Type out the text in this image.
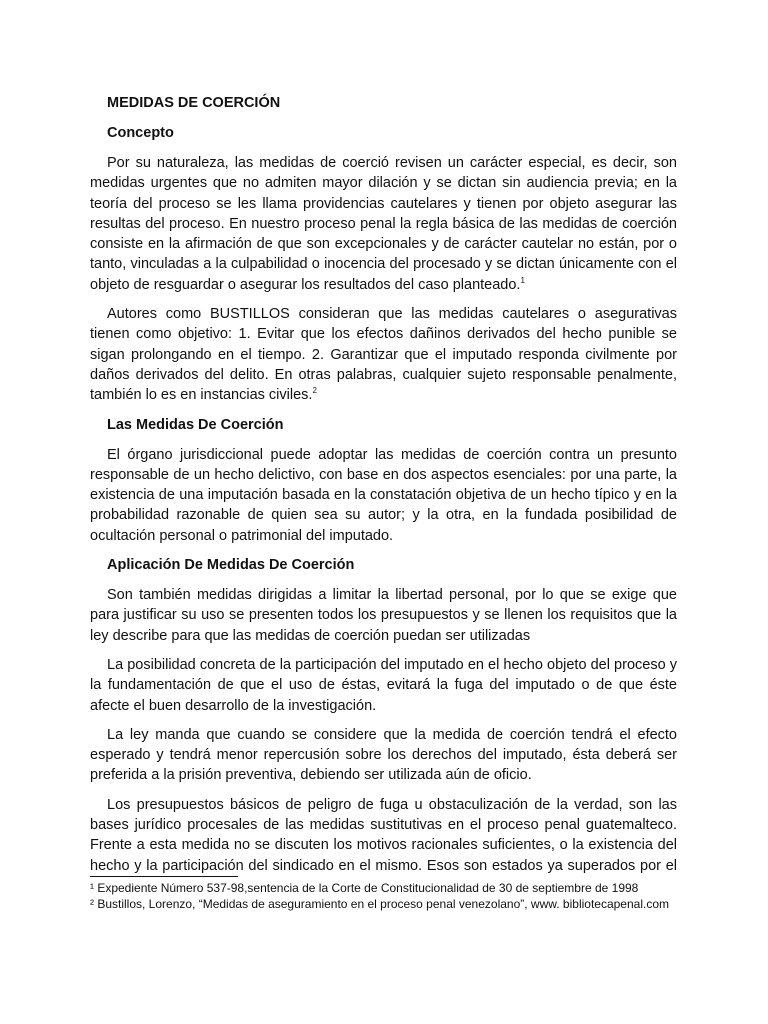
MEDIDAS DE COERCIÓN
Concepto

Por su naturaleza, las medidas de coerció revisen un carácter especial, es decir, son medidas urgentes que no admiten mayor dilación y se dictan sin audiencia previa; en la teoría del proceso se les llama providencias cautelares y tienen por objeto asegurar las resultas del proceso. En nuestro proceso penal la regla básica de las medidas de coerción consiste en la afirmación de que son excepcionales y de carácter cautelar no están, por o tanto, vinculadas a la culpabilidad o inocencia del procesado y se dictan únicamente con el objeto de resguardar o asegurar los resultados del caso planteado.$^1$

Autores como BUSTILLOS consideran que las medidas cautelares o asegurativas tienen como objetivo: 1. Evitar que los efectos dañinos derivados del hecho punible se sigan prolongando en el tiempo. 2. Garantizar que el imputado responda civilmente por daños derivados del delito. En otras palabras, cualquier sujeto responsable penalmente, también lo es en instancias civiles.$^2$

Las Medidas De Coerción

El órgano jurisdiccional puede adoptar las medidas de coerción contra un presunto responsable de un hecho delictivo, con base en dos aspectos esenciales: por una parte, la existencia de una imputación basada en la constatación objetiva de un hecho típico y en la probabilidad razonable de quien sea su autor; y la otra, en la fundada posibilidad de ocultación personal o patrimonial del imputado.

Aplicación De Medidas De Coerción

Son también medidas dirigidas a limitar la libertad personal, por lo que se exige que para justificar su uso se presenten todos los presupuestos y se llenen los requisitos que la ley describe para que las medidas de coerción puedan ser utilizadas

La posibilidad concreta de la participación del imputado en el hecho objeto del proceso y la fundamentación de que el uso de éstas, evitará la fuga del imputado o de que éste afecte el buen desarrollo de la investigación.

La ley manda que cuando se considere que la medida de coerción tendrá el efecto esperado y tendrá menor repercusión sobre los derechos del imputado, ésta deberá ser preferida a la prisión preventiva, debiendo ser utilizada aún de oficio.

Los presupuestos básicos de peligro de fuga u obstaculización de la verdad, son las bases jurídico procesales de las medidas sustitutivas en el proceso penal guatemalteco. Frente a esta medida no se discuten los motivos racionales suficientes, o la existencia del hecho y la participación del sindicado en el mismo. Esos son estados ya superados por el

¹ Expediente Número 537-98,sentencia de la Corte de Constitucionalidad de 30 de septiembre de 1998

² Bustillos, Lorenzo, “Medidas de aseguramiento en el proceso penal venezolano”, www. bibliotecapenal.com
